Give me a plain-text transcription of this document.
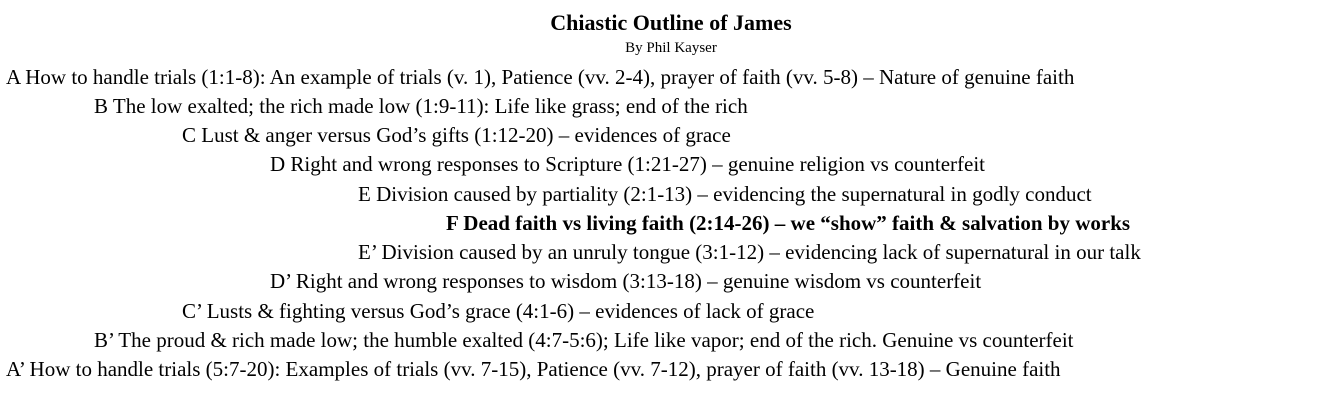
Chiastic Outline of James
By Phil Kayser
A How to handle trials (1:1-8): An example of trials (v. 1), Patience (vv. 2-4), prayer of faith (vv. 5-8) – Nature of genuine faith
B The low exalted; the rich made low (1:9-11): Life like grass; end of the rich
C Lust & anger versus God’s gifts (1:12-20) – evidences of grace
D Right and wrong responses to Scripture (1:21-27) – genuine religion vs counterfeit
E Division caused by partiality (2:1-13) – evidencing the supernatural in godly conduct
F Dead faith vs living faith (2:14-26) – we “show” faith & salvation by works
E’ Division caused by an unruly tongue (3:1-12) – evidencing lack of supernatural in our talk
D’ Right and wrong responses to wisdom (3:13-18) – genuine wisdom vs counterfeit
C’ Lusts & fighting versus God’s grace (4:1-6) – evidences of lack of grace
B’ The proud & rich made low; the humble exalted (4:7-5:6); Life like vapor; end of the rich. Genuine vs counterfeit
A’ How to handle trials (5:7-20): Examples of trials (vv. 7-15), Patience (vv. 7-12), prayer of faith (vv. 13-18) – Genuine faith
